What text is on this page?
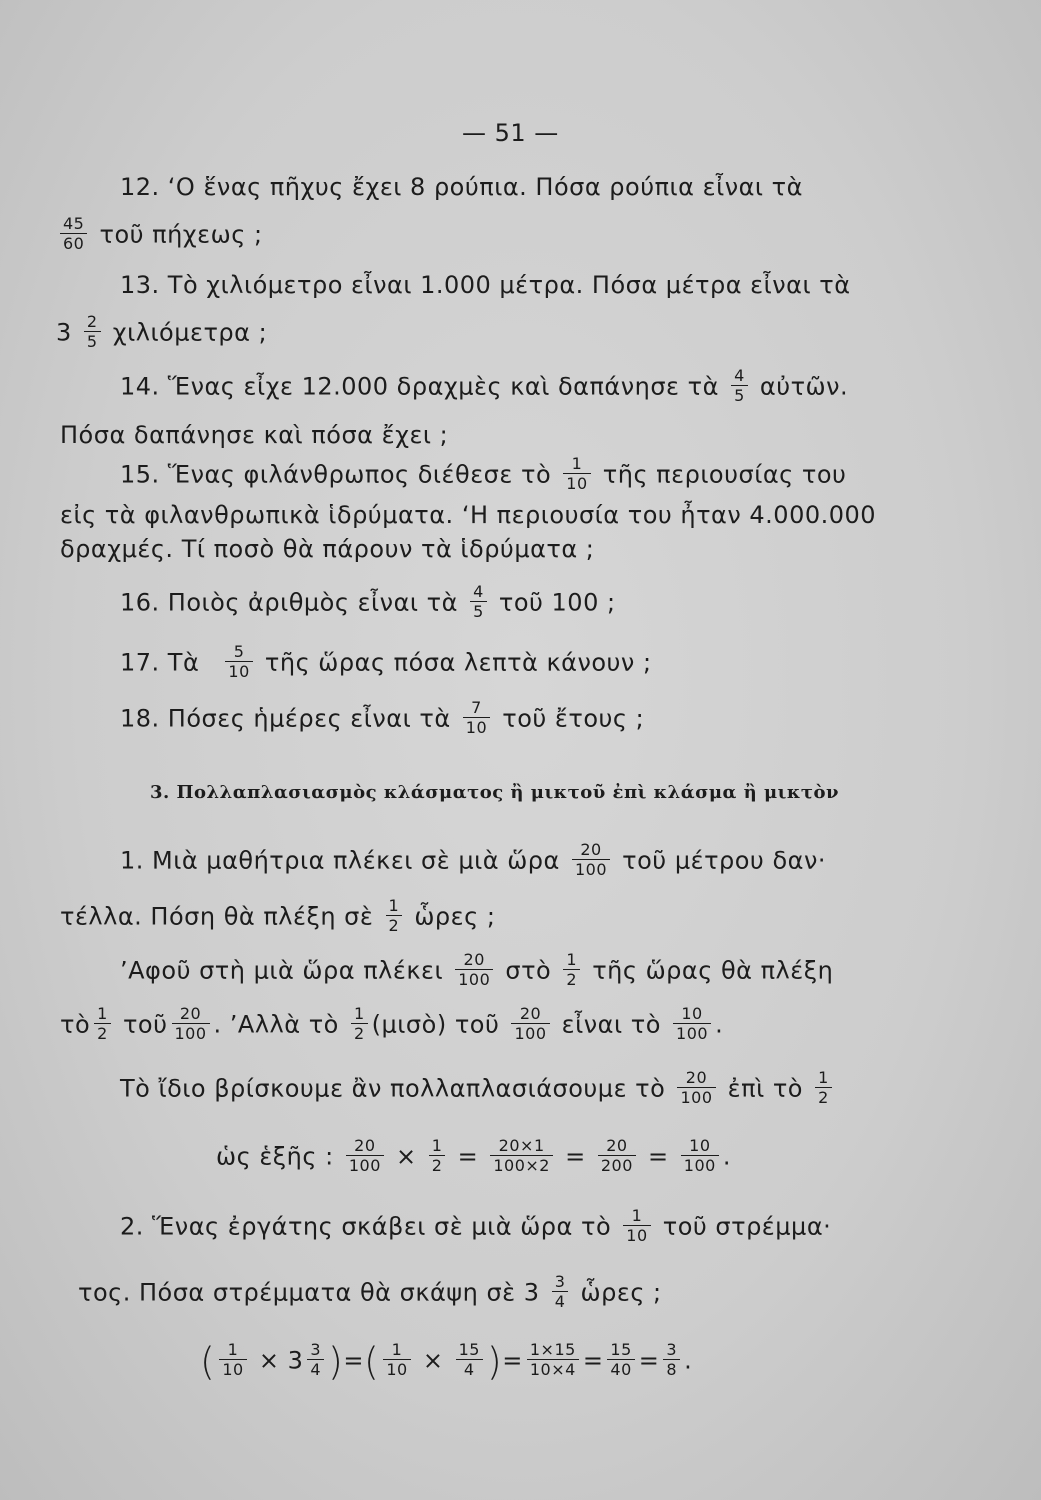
— 51 —
12. ‘Ο ἕνας πῆχυς ἔχει 8 ρούπια. Πόσα ρούπια εἶναι τὰ
$\frac{45}{60}$ τοῦ πήχεως ;
13. Τὸ χιλιόμετρο εἶναι 1.000 μέτρα. Πόσα μέτρα εἶναι τὰ
$3 \frac{2}{5}$ χιλιόμετρα ;
14. Ἕνας εἶχε 12.000 δραχμὲς καὶ δαπάνησε τὰ $\frac{4}{5}$ αὐτῶν.
Πόσα δαπάνησε καὶ πόσα ἔχει ;
15. Ἕνας φιλάνθρωπος διέθεσε τὸ $\frac{1}{10}$ τῆς περιουσίας του
εἰς τὰ φιλανθρωπικὰ ἱδρύματα. ‘Η περιουσία του ἦταν 4.000.000
δραχμές. Τί ποσὸ θὰ πάρουν τὰ ἱδρύματα ;
16. Ποιὸς ἀριθμὸς εἶναι τὰ $\frac{4}{5}$ τοῦ 100 ;
17. Τὰ $\frac{5}{10}$ τῆς ὥρας πόσα λεπτὰ κάνουν ;
18. Πόσες ἡμέρες εἶναι τὰ $\frac{7}{10}$ τοῦ ἔτους ;
3. Πολλαπλασιασμὸς κλάσματος ἢ μικτοῦ ἐπὶ κλάσμα ἢ μικτὸν
1. Μιὰ μαθήτρια πλέκει σὲ μιὰ ὥρα $\frac{20}{100}$ τοῦ μέτρου δαν·
τέλλα. Πόση θὰ πλέξη σὲ $\frac{1}{2}$ ὧρες ;
’Αφοῦ στὴ μιὰ ὥρα πλέκει $\frac{20}{100}$ στὸ $\frac{1}{2}$ τῆς ὥρας θὰ πλέξη
τὸ $\frac{1}{2}$ τοῦ $\frac{20}{100}$ . ’Αλλὰ τὸ $\frac{1}{2}$ (μισὸ) τοῦ $\frac{20}{100}$ εἶναι τὸ $\frac{10}{100}$ .
Τὸ ἴδιο βρίσκουμε ἂν πολλαπλασιάσουμε τὸ $\frac{20}{100}$ ἐπὶ τὸ $\frac{1}{2}$
ὡς ἑξῆς : $\frac{20}{100} \times \frac{1}{2} = \frac{20\times 1}{100\times 2} = \frac{20}{200} = \frac{10}{100}$ .
2. Ἕνας ἐργάτης σκάβει σὲ μιὰ ὥρα τὸ $\frac{1}{10}$ τοῦ στρέμμα·
τος. Πόσα στρέμματα θὰ σκάψη σὲ $3 \frac{3}{4}$ ὧρες ;
( $\frac{1}{10} \times 3 \frac{3}{4}$ )=( $\frac{1}{10} \times \frac{15}{4}$ )= $\frac{1\times 15}{10\times 4} = \frac{15}{40} = \frac{3}{8}$ .
